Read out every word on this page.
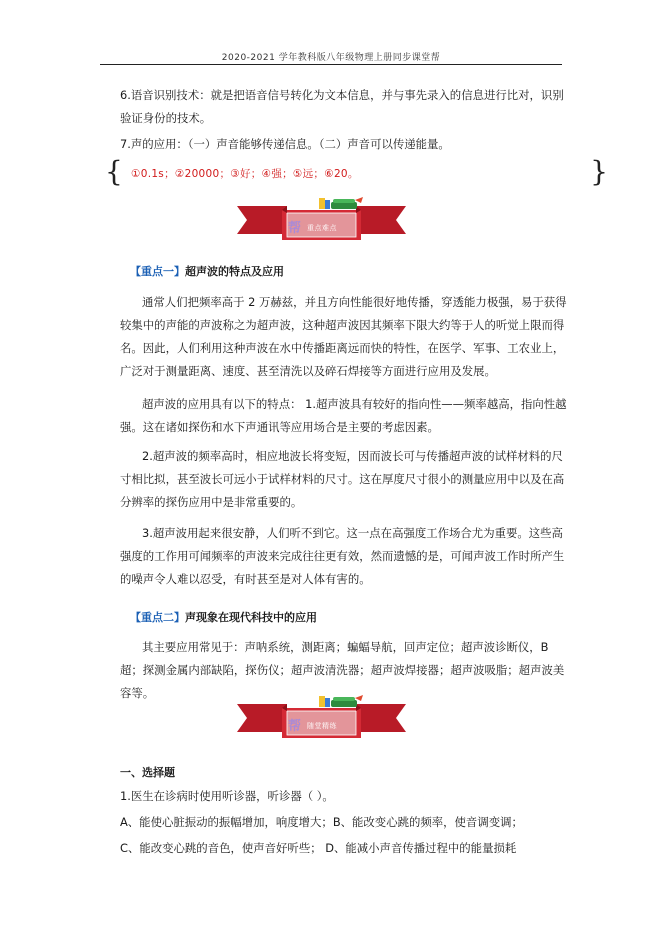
2020-2021 学年教科版八年级物理上册同步课堂帮
6.语音识别技术：就是把语音信号转化为文本信息，并与事先录入的信息进行比对，识别验证身份的技术。
7.声的应用：（一）声音能够传递信息。（二）声音可以传递能量。
{ ①0.1s；②20000；③好；④强；⑤远；⑥20。	}
帮 重点难点
【重点一】超声波的特点及应用
通常人们把频率高于 2 万赫兹，并且方向性能很好地传播，穿透能力极强，易于获得较集中的声能的声波称之为超声波，这种超声波因其频率下限大约等于人的听觉上限而得名。因此，人们利用这种声波在水中传播距离远而快的特性，在医学、军事、工农业上，广泛对于测量距离、速度、甚至清洗以及碎石焊接等方面进行应用及发展。
超声波的应用具有以下的特点： 1.超声波具有较好的指向性——频率越高，指向性越强。这在诸如探伤和水下声通讯等应用场合是主要的考虑因素。
2.超声波的频率高时，相应地波长将变短，因而波长可与传播超声波的试样材料的尺寸相比拟，甚至波长可远小于试样材料的尺寸。这在厚度尺寸很小的测量应用中以及在高分辨率的探伤应用中是非常重要的。
3.超声波用起来很安静，人们听不到它。这一点在高强度工作场合尤为重要。这些高强度的工作用可闻频率的声波来完成往往更有效，然而遗憾的是，可闻声波工作时所产生的噪声令人难以忍受，有时甚至是对人体有害的。
【重点二】声现象在现代科技中的应用
其主要应用常见于：声呐系统，测距离；蝙蝠导航，回声定位；超声波诊断仪，B超；探测金属内部缺陷，探伤仪；超声波清洗器；超声波焊接器；超声波吸脂；超声波美容等。
帮 随堂精练
一、选择题
1.医生在诊病时使用听诊器，听诊器（ ）。
A、能使心脏振动的振幅增加，响度增大；B、能改变心跳的频率，使音调变调；
C、能改变心跳的音色，使声音好听些； D、能减小声音传播过程中的能量损耗
